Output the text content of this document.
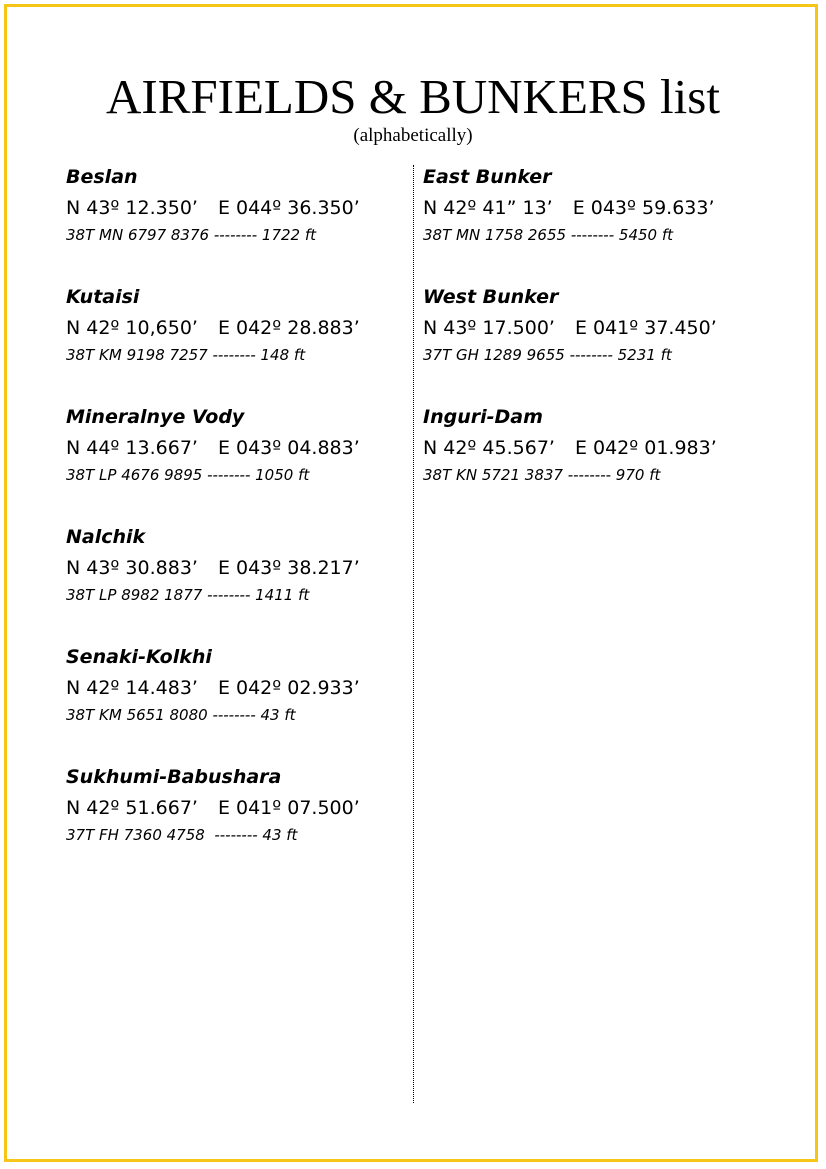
AIRFIELDS & BUNKERS list
(alphabetically)
Beslan
N 43º 12.350’ E 044º 36.350’
38T MN 6797 8376 -------- 1722 ft
Kutaisi
N 42º 10,650’ E 042º 28.883’
38T KM 9198 7257 -------- 148 ft
Mineralnye Vody
N 44º 13.667’ E 043º 04.883’
38T LP 4676 9895 -------- 1050 ft
Nalchik
N 43º 30.883’ E 043º 38.217’
38T LP 8982 1877 -------- 1411 ft
Senaki-Kolkhi
N 42º 14.483’ E 042º 02.933’
38T KM 5651 8080 -------- 43 ft
Sukhumi-Babushara
N 42º 51.667’ E 041º 07.500’
37T FH 7360 4758  -------- 43 ft
East Bunker
N 42º 41” 13’ E 043º 59.633’
38T MN 1758 2655 -------- 5450 ft
West Bunker
N 43º 17.500’ E 041º 37.450’
37T GH 1289 9655 -------- 5231 ft
Inguri-Dam
N 42º 45.567’ E 042º 01.983’
38T KN 5721 3837 -------- 970 ft
